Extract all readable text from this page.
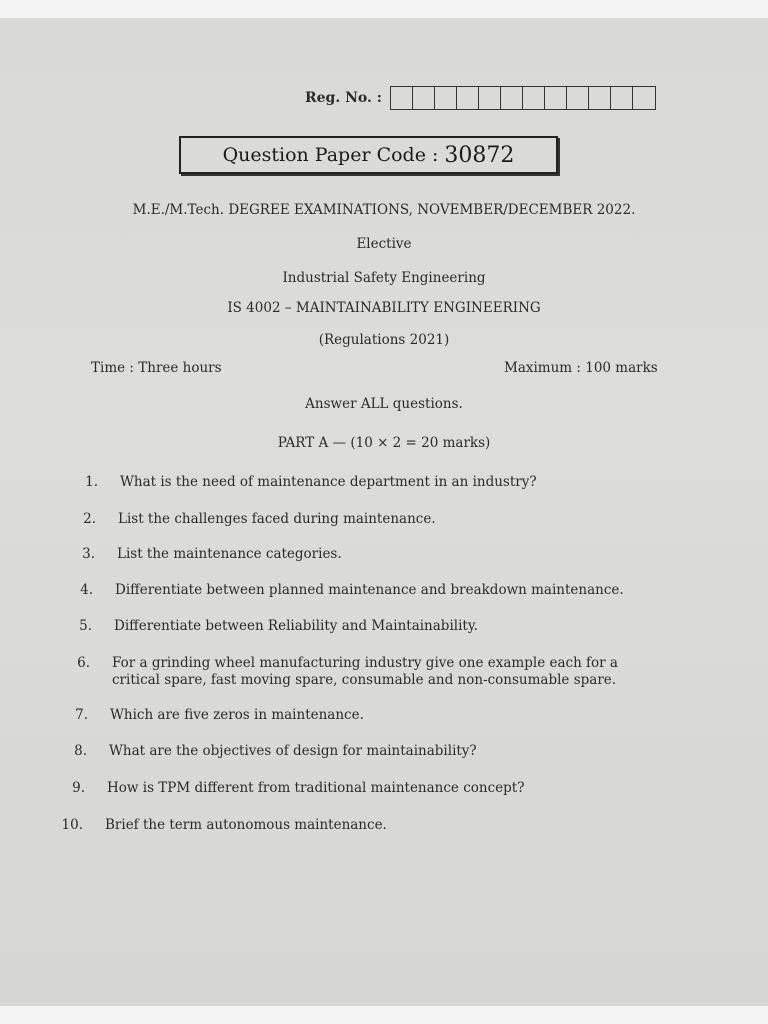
Reg. No. :
Question Paper Code : 30872
M.E./M.Tech. DEGREE EXAMINATIONS, NOVEMBER/DECEMBER 2022.
Elective
Industrial Safety Engineering
IS 4002 – MAINTAINABILITY ENGINEERING
(Regulations 2021)
Time : Three hours	Maximum : 100 marks
Answer ALL questions.
PART A — (10 × 2 = 20 marks)
1. What is the need of maintenance department in an industry?
2. List the challenges faced during maintenance.
3. List the maintenance categories.
4. Differentiate between planned maintenance and breakdown maintenance.
5. Differentiate between Reliability and Maintainability.
6. For a grinding wheel manufacturing industry give one example each for a critical spare, fast moving spare, consumable and non-consumable spare.
7. Which are five zeros in maintenance.
8. What are the objectives of design for maintainability?
9. How is TPM different from traditional maintenance concept?
10. Brief the term autonomous maintenance.
